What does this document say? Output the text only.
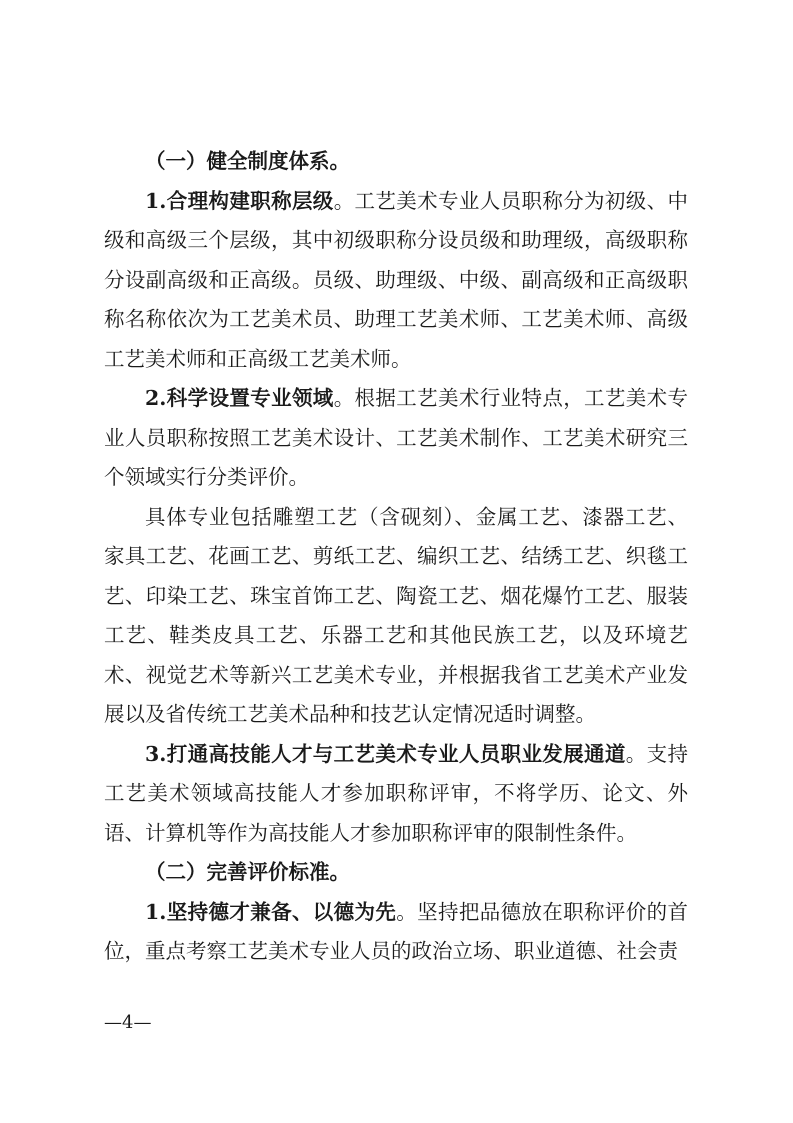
（一）健全制度体系。

1.合理构建职称层级。工艺美术专业人员职称分为初级、中级和高级三个层级，其中初级职称分设员级和助理级，高级职称分设副高级和正高级。员级、助理级、中级、副高级和正高级职称名称依次为工艺美术员、助理工艺美术师、工艺美术师、高级工艺美术师和正高级工艺美术师。

2.科学设置专业领域。根据工艺美术行业特点，工艺美术专业人员职称按照工艺美术设计、工艺美术制作、工艺美术研究三个领域实行分类评价。

具体专业包括雕塑工艺（含砚刻）、金属工艺、漆器工艺、家具工艺、花画工艺、剪纸工艺、编织工艺、结绣工艺、织毯工艺、印染工艺、珠宝首饰工艺、陶瓷工艺、烟花爆竹工艺、服装工艺、鞋类皮具工艺、乐器工艺和其他民族工艺，以及环境艺术、视觉艺术等新兴工艺美术专业，并根据我省工艺美术产业发展以及省传统工艺美术品种和技艺认定情况适时调整。

3.打通高技能人才与工艺美术专业人员职业发展通道。支持工艺美术领域高技能人才参加职称评审，不将学历、论文、外语、计算机等作为高技能人才参加职称评审的限制性条件。

（二）完善评价标准。

1.坚持德才兼备、以德为先。坚持把品德放在职称评价的首位，重点考察工艺美术专业人员的政治立场、职业道德、社会责

—4—
